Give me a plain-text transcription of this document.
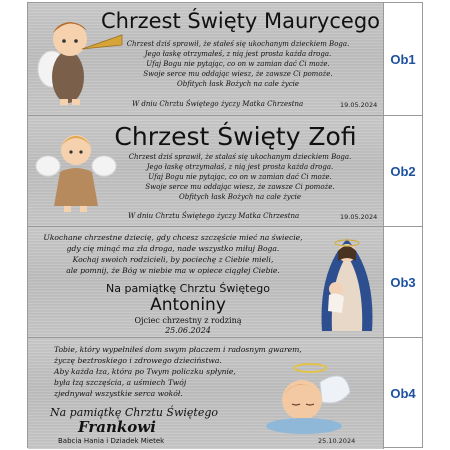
Chrzest Święty Maurycego
Chrzest dziś sprawił, że stałeś się ukochanym dzieckiem Boga.
Jego łaskę otrzymałeś, z nią jest prosta każda droga.
Ufaj Bogu nie pytając, co on w zamian dać Ci może.
Swoje serce mu oddając wiesz, że zawsze Ci pomoże.
Obfitych łask Bożych na całe życie
W dniu Chrztu Świętego życzy Matka Chrzestna	19.05.2024
Ob1
Chrzest Święty Zofi
Chrzest dziś sprawił, że stałaś się ukochanym dzieckiem Boga.
Jego łaskę otrzymałaś, z nią jest prosta każda droga.
Ufaj Bogu nie pytając, co on w zamian dać Ci może.
Swoje serce mu oddając wiesz, że zawsze Ci pomoże.
Obfitych łask Bożych na całe życie
W dniu Chrztu Świętego życzy Matka Chrzestna	19.05.2024
Ob2
Ukochane chrzestne dziecię, gdy chcesz szczęście mieć na świecie,
gdy cię minąć ma zła droga, nade wszystko miłuj Boga.
Kochaj swoich rodzicieli, by pociechę z Ciebie mieli,
ale pomnij, że Bóg w niebie ma w opiece ciągłej Ciebie.
Na pamiątkę Chrztu Świętego
Antoniny
Ojciec chrzestny z rodziną
25.06.2024
Ob3
Tobie, który wypełniłeś dom swym płaczem i radosnym gwarem,
życzę beztroskiego i zdrowego dzieciństwa.
Aby każda łza, która po Twym policzku spłynie,
była łzą szczęścia, a uśmiech Twój
zjednywał wszystkie serca wokół.
Na pamiątkę Chrztu Świętego
Frankowi
Babcia Hania i Dziadek Mietek	25.10.2024
Ob4
